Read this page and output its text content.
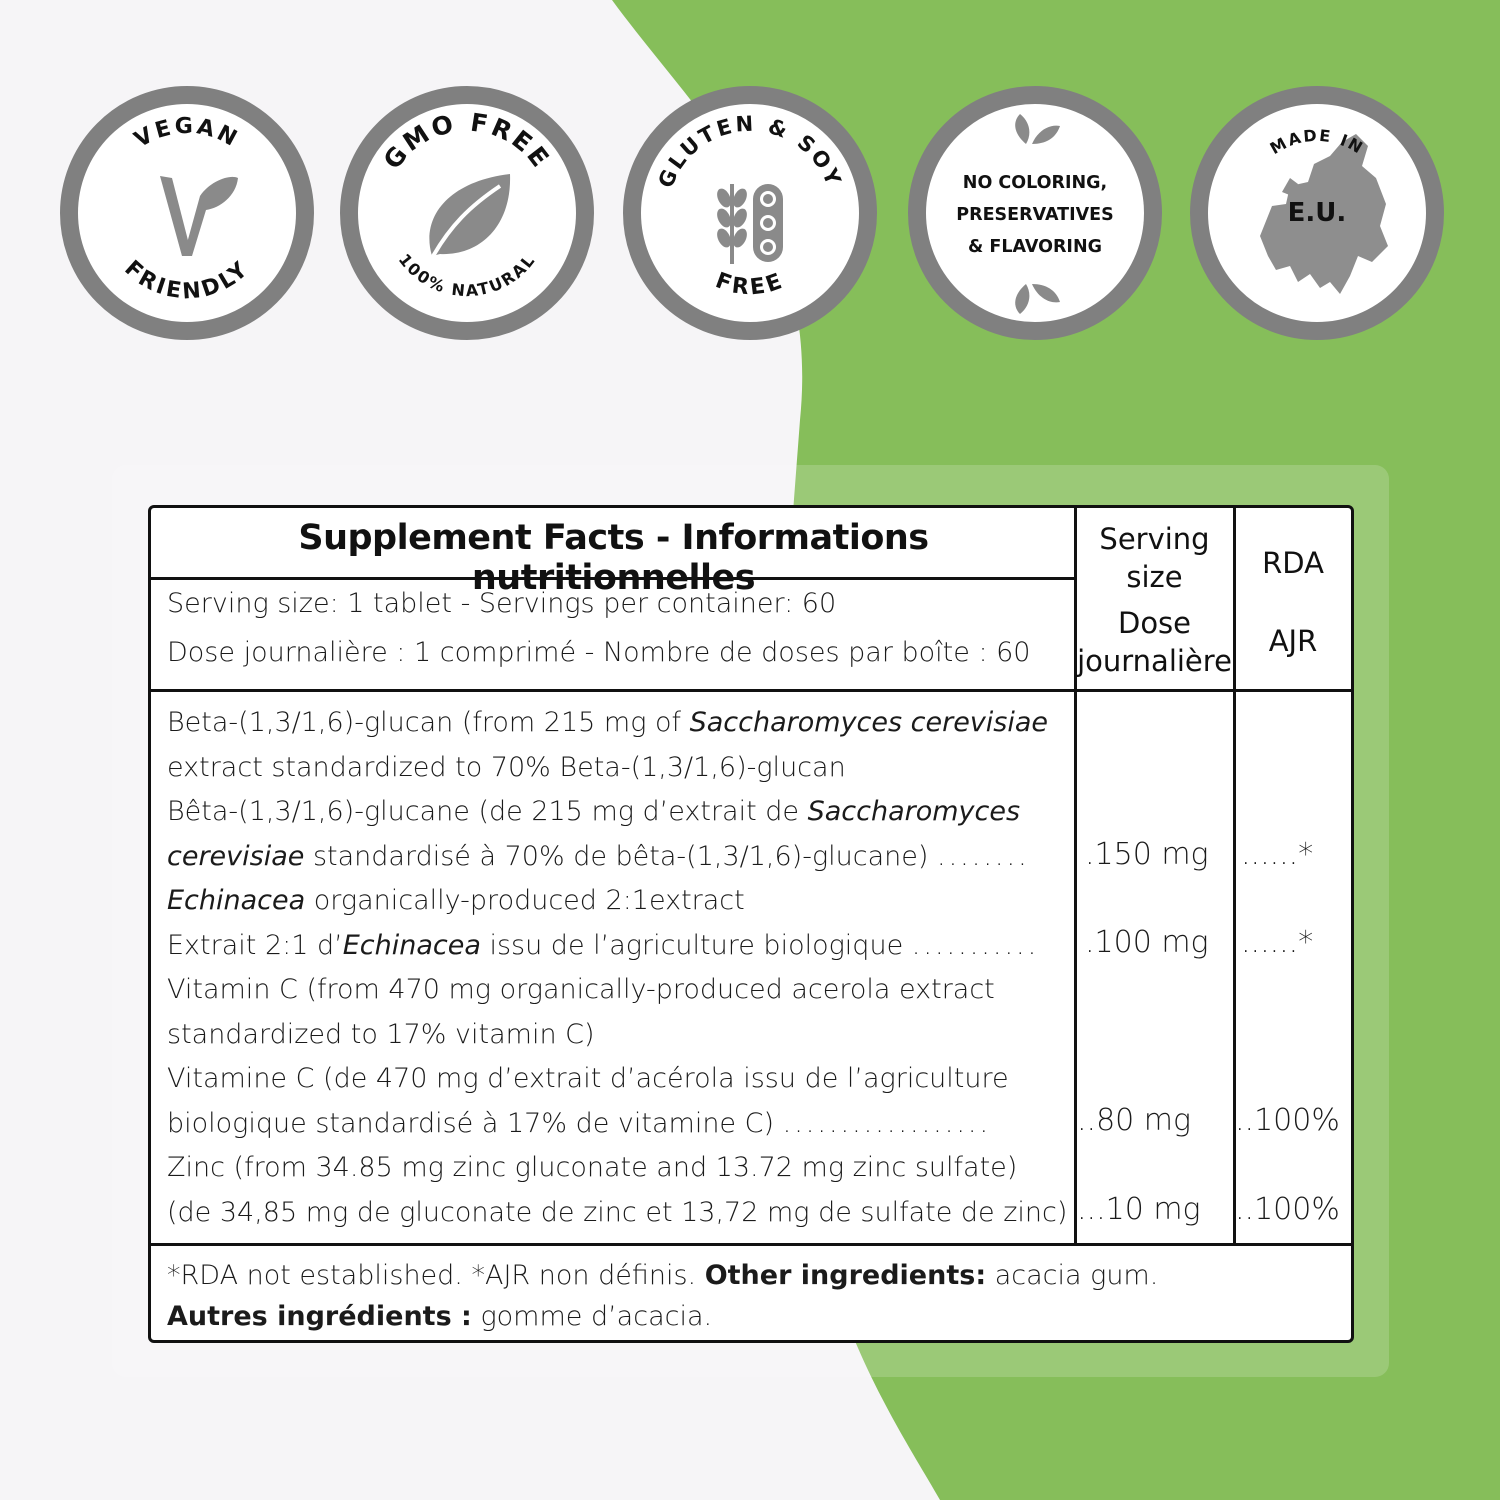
VEGAN
FRIENDLY
GMO FREE
100% NATURAL
GLUTEN & SOY
FREE
NO COLORING,
PRESERVATIVES
& FLAVORING
MADE IN
E.U.
Supplement Facts - Informations nutritionnelles
Serving size: 1 tablet - Servings per container: 60
Dose journalière : 1 comprimé - Nombre de doses par boîte : 60
Serving
size
Dose
journalière
RDA
AJR
Beta-(1,3/1,6)-glucan (from 215 mg of Saccharomyces cerevisiae
extract standardized to 70% Beta-(1,3/1,6)-glucan
Bêta-(1,3/1,6)-glucane (de 215 mg d’extrait de Saccharomyces
cerevisiae standardisé à 70% de bêta-(1,3/1,6)-glucane) ........
Echinacea organically-produced 2:1extract
Extrait 2:1 d’Echinacea issu de l’agriculture biologique ...........
Vitamin C (from 470 mg organically-produced acerola extract
standardized to 17% vitamin C)
Vitamine C (de 470 mg d’extrait d’acérola issu de l’agriculture
biologique standardisé à 17% de vitamine C) ..................
Zinc (from 34.85 mg zinc gluconate and 13.72 mg zinc sulfate)
(de 34,85 mg de gluconate de zinc et 13,72 mg de sulfate de zinc)
.150 mg ......*
.100 mg ......*
..80 mg ..100%
...10 mg ..100%
*RDA not established. *AJR non définis. Other ingredients: acacia gum.
Autres ingrédients : gomme d’acacia.
